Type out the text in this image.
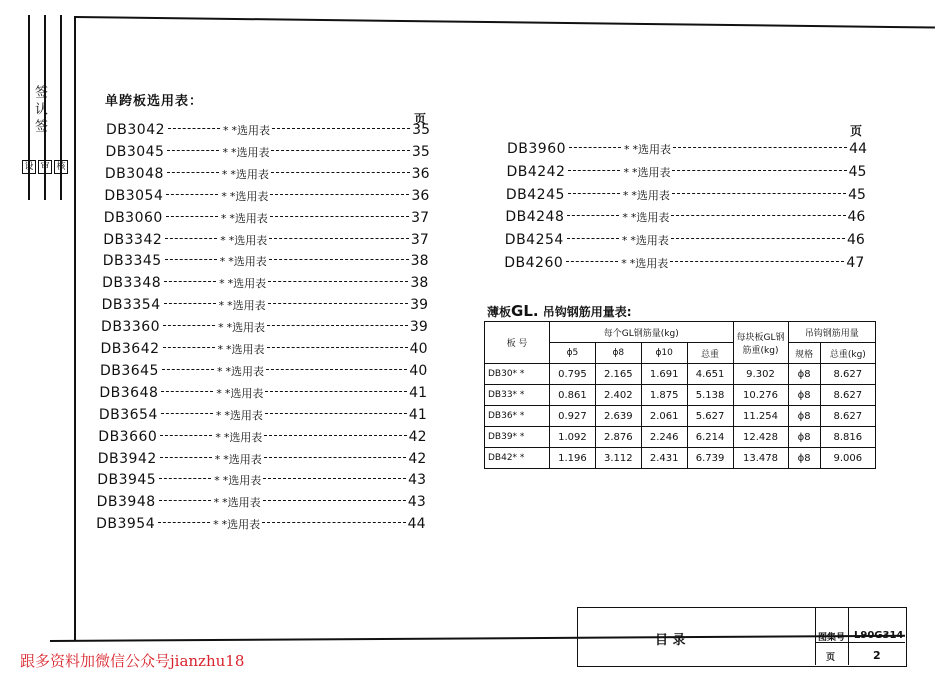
签 认 签
设 审 核
单跨板选用表：
页
DB3042	* *选用表	35
DB3045	* *选用表	35
DB3048	* *选用表	36
DB3054	* *选用表	36
DB3060	* *选用表	37
DB3342	* *选用表	37
DB3345	* *选用表	38
DB3348	* *选用表	38
DB3354	* *选用表	39
DB3360	* *选用表	39
DB3642	* *选用表	40
DB3645	* *选用表	40
DB3648	* *选用表	41
DB3654	* *选用表	41
DB3660	* *选用表	42
DB3942	* *选用表	42
DB3945	* *选用表	43
DB3948	* *选用表	43
DB3954	* *选用表	44
页
DB3960	* *选用表	44
DB4242	* *选用表	45
DB4245	* *选用表	45
DB4248	* *选用表	46
DB4254	* *选用表	46
DB4260	* *选用表	47
薄板GL. 吊钩钢筋用量表:
板 号	每个GL钢筋量(kg)				每块板GL钢筋重(kg)	吊钩钢筋用量	
	ϕ5	ϕ8	ϕ10	总重		规格	总重(kg)
DB30* *	0.795	2.165	1.691	4.651	9.302	ϕ8	8.627
DB33* *	0.861	2.402	1.875	5.138	10.276	ϕ8	8.627
DB36* *	0.927	2.639	2.061	5.627	11.254	ϕ8	8.627
DB39* *	1.092	2.876	2.246	6.214	12.428	ϕ8	8.816
DB42* *	1.196	3.112	2.431	6.739	13.478	ϕ8	9.006
目 录	图集号 L90G314
页	2
跟多资料加微信公众号jianzhu18
